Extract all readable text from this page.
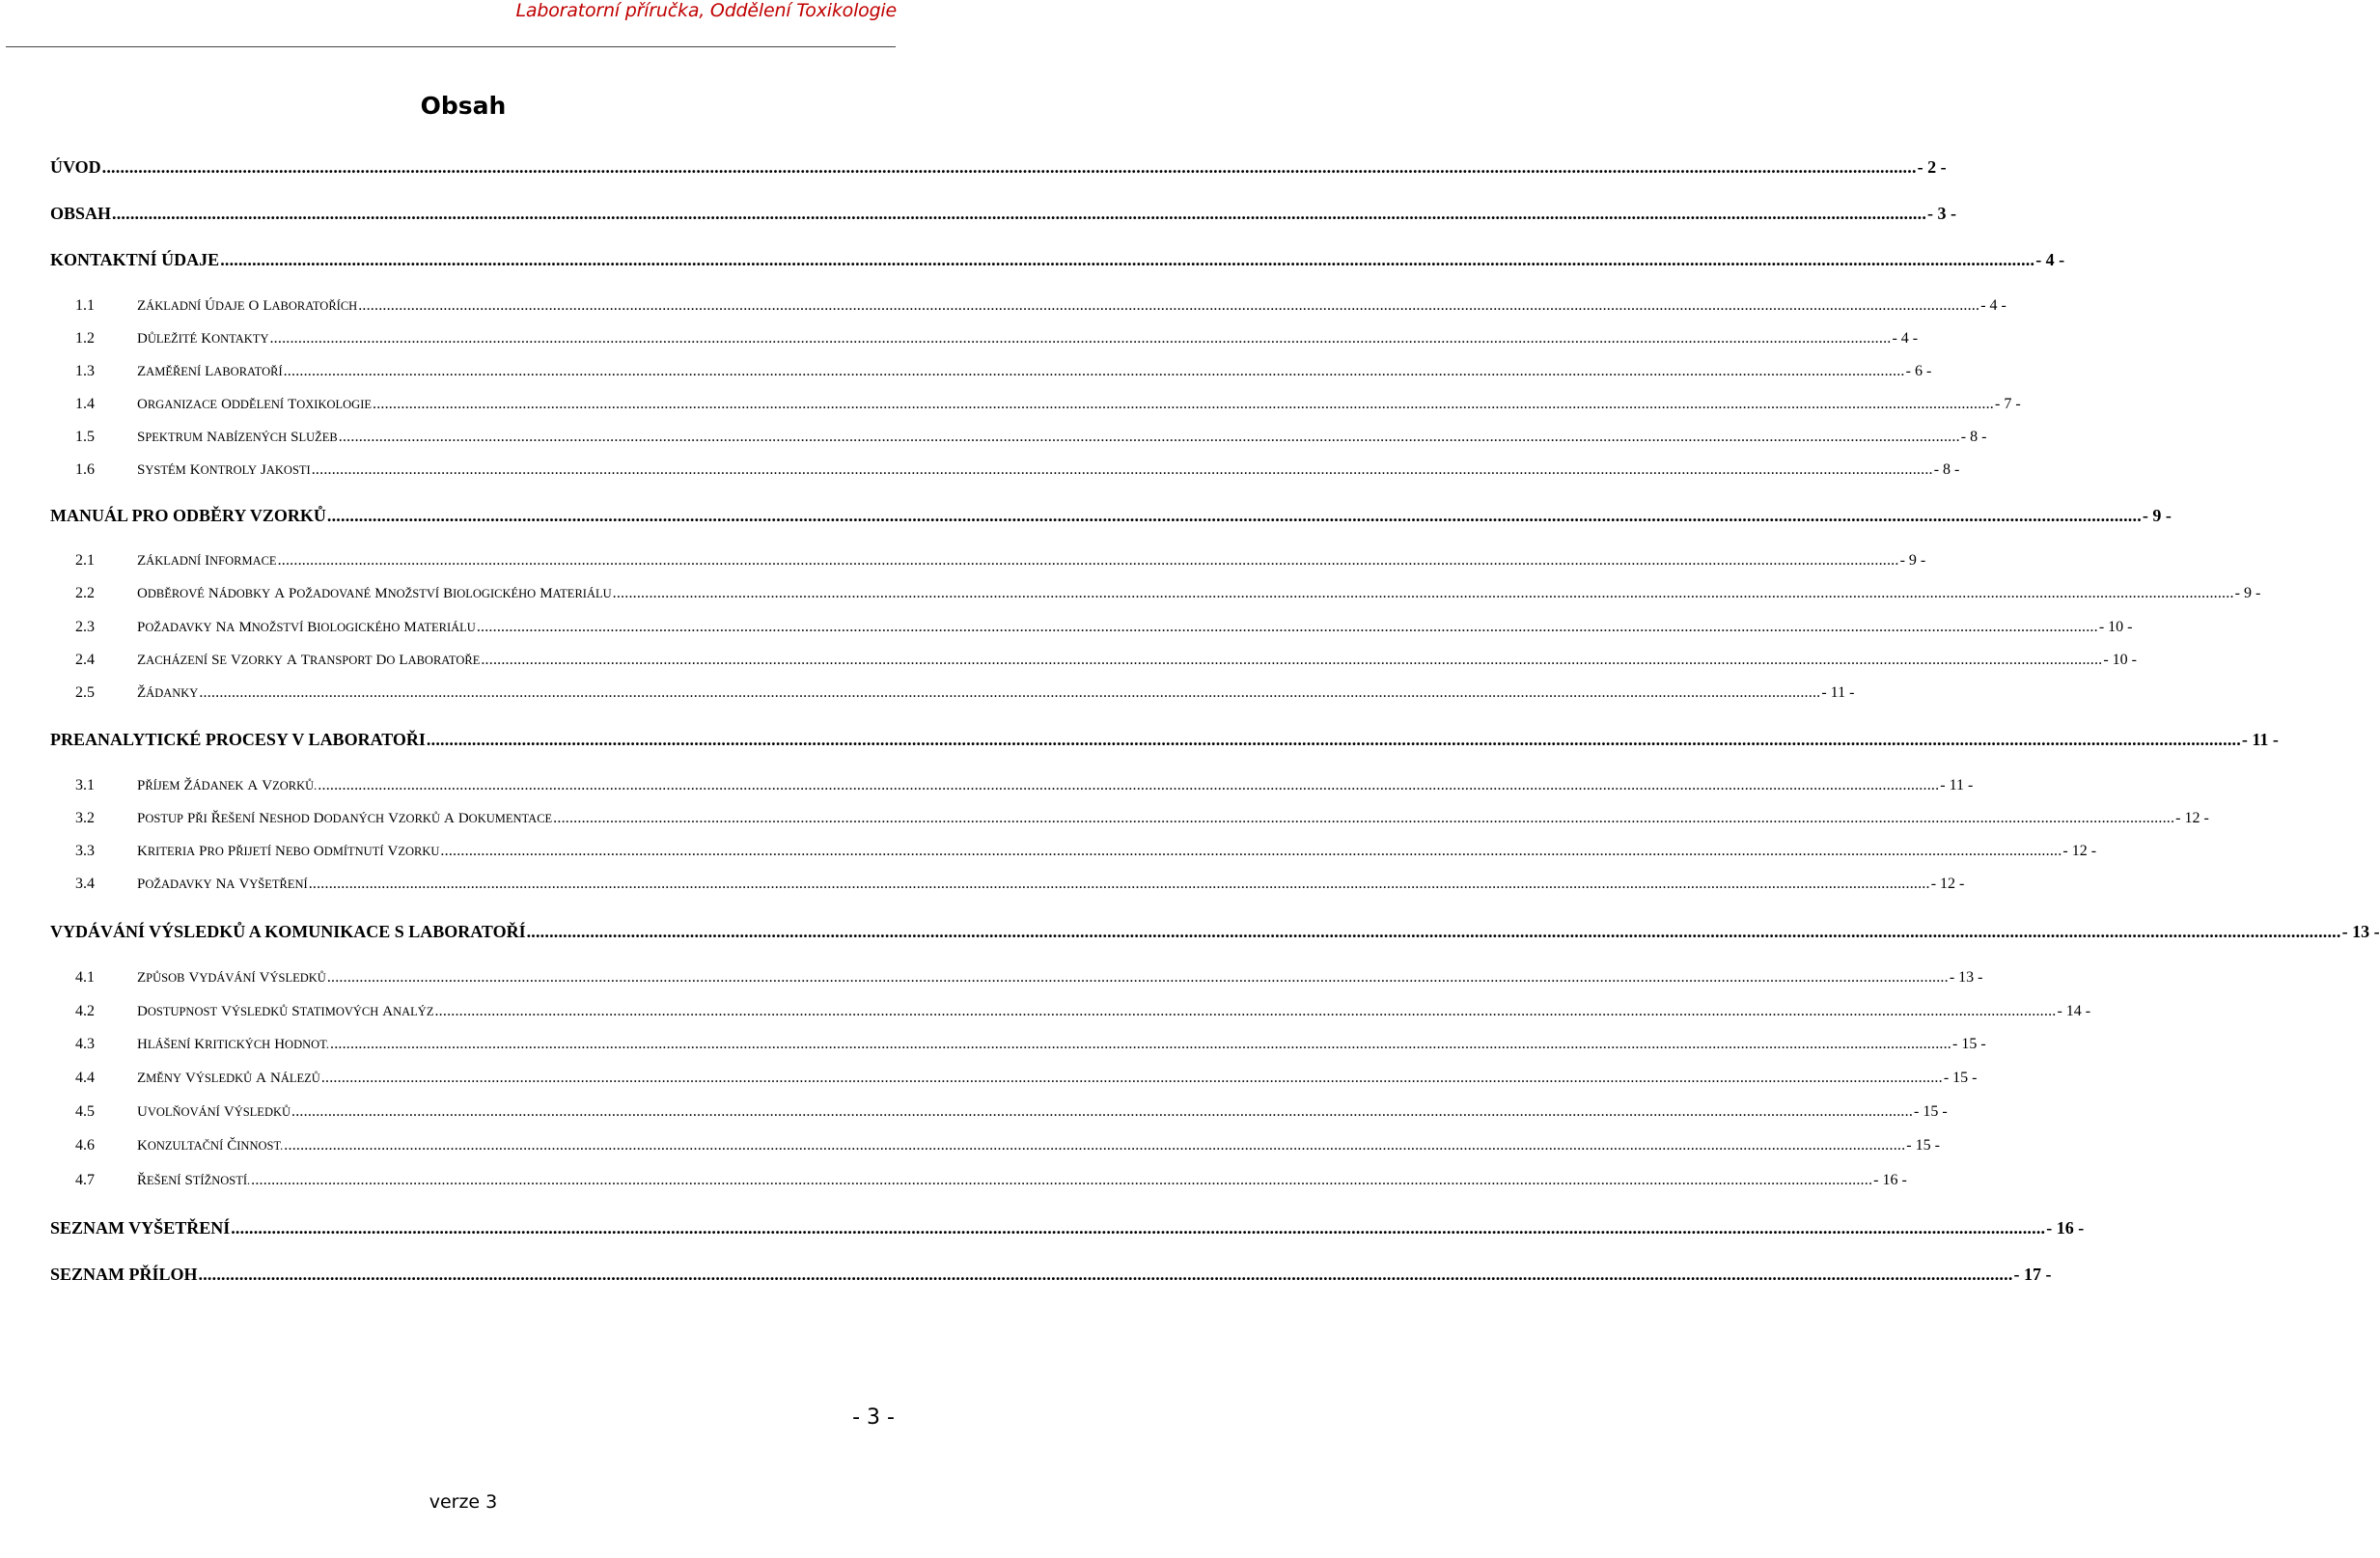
Laboratorní příručka, Oddělení Toxikologie
Obsah
ÚVOD ................................................................................................................................................................................................................................................................................................................................................................................................................ - 2 -
OBSAH ................................................................................................................................................................................................................................................................................................................................................................................................................ - 3 -
KONTAKTNÍ ÚDAJE ................................................................................................................................................................................................................................................................................................................................................................................................................ - 4 -
1.1	ZÁKLADNÍ ÚDAJE O LABORATOŘÍCH ................................................................................................................................................................................................................................................................................................................................................................................................................ - 4 -
1.2	DŮLEŽITÉ KONTAKTY ................................................................................................................................................................................................................................................................................................................................................................................................................ - 4 -
1.3	ZAMĚŘENÍ LABORATOŘÍ ................................................................................................................................................................................................................................................................................................................................................................................................................ - 6 -
1.4	ORGANIZACE ODDĚLENÍ TOXIKOLOGIE ................................................................................................................................................................................................................................................................................................................................................................................................................ - 7 -
1.5	SPEKTRUM NABÍZENÝCH SLUŽEB ................................................................................................................................................................................................................................................................................................................................................................................................................ - 8 -
1.6	SYSTÉM KONTROLY JAKOSTI ................................................................................................................................................................................................................................................................................................................................................................................................................ - 8 -
MANUÁL PRO ODBĚRY VZORKŮ ................................................................................................................................................................................................................................................................................................................................................................................................................ - 9 -
2.1	ZÁKLADNÍ INFORMACE ................................................................................................................................................................................................................................................................................................................................................................................................................ - 9 -
2.2	ODBĚROVÉ NÁDOBKY A POŽADOVANÉ MNOŽSTVÍ BIOLOGICKÉHO MATERIÁLU ................................................................................................................................................................................................................................................................................................................................................................................................................ - 9 -
2.3	POŽADAVKY NA MNOŽSTVÍ BIOLOGICKÉHO MATERIÁLU ................................................................................................................................................................................................................................................................................................................................................................................................................ - 10 -
2.4	ZACHÁZENÍ SE VZORKY A TRANSPORT DO LABORATOŘE ................................................................................................................................................................................................................................................................................................................................................................................................................ - 10 -
2.5	ŽÁDANKY ................................................................................................................................................................................................................................................................................................................................................................................................................ - 11 -
PREANALYTICKÉ PROCESY V LABORATOŘI ................................................................................................................................................................................................................................................................................................................................................................................................................ - 11 -
3.1	PŘÍJEM ŽÁDANEK A VZORKŮ. ................................................................................................................................................................................................................................................................................................................................................................................................................ - 11 -
3.2	POSTUP PŘI ŘEŠENÍ NESHOD DODANÝCH VZORKŮ A DOKUMENTACE ................................................................................................................................................................................................................................................................................................................................................................................................................ - 12 -
3.3	KRITERIA PRO PŘIJETÍ NEBO ODMÍTNUTÍ VZORKU ................................................................................................................................................................................................................................................................................................................................................................................................................ - 12 -
3.4	POŽADAVKY NA VYŠETŘENÍ ................................................................................................................................................................................................................................................................................................................................................................................................................ - 12 -
VYDÁVÁNÍ VÝSLEDKŮ A KOMUNIKACE S LABORATOŘÍ ................................................................................................................................................................................................................................................................................................................................................................................................................ - 13 -
4.1	ZPŮSOB VYDÁVÁNÍ VÝSLEDKŮ ................................................................................................................................................................................................................................................................................................................................................................................................................ - 13 -
4.2	DOSTUPNOST VÝSLEDKŮ STATIMOVÝCH ANALÝZ ................................................................................................................................................................................................................................................................................................................................................................................................................ - 14 -
4.3	HLÁŠENÍ KRITICKÝCH HODNOT. ................................................................................................................................................................................................................................................................................................................................................................................................................ - 15 -
4.4	ZMĚNY VÝSLEDKŮ A NÁLEZŮ ................................................................................................................................................................................................................................................................................................................................................................................................................ - 15 -
4.5	UVOLŇOVÁNÍ VÝSLEDKŮ ................................................................................................................................................................................................................................................................................................................................................................................................................ - 15 -
4.6	KONZULTAČNÍ ČINNOST. ................................................................................................................................................................................................................................................................................................................................................................................................................ - 15 -
4.7	ŘEŠENÍ STÍŽNOSTÍ. ................................................................................................................................................................................................................................................................................................................................................................................................................ - 16 -
SEZNAM VYŠETŘENÍ ................................................................................................................................................................................................................................................................................................................................................................................................................ - 16 -
SEZNAM PŘÍLOH ................................................................................................................................................................................................................................................................................................................................................................................................................ - 17 -
- 3 -
verze 3
